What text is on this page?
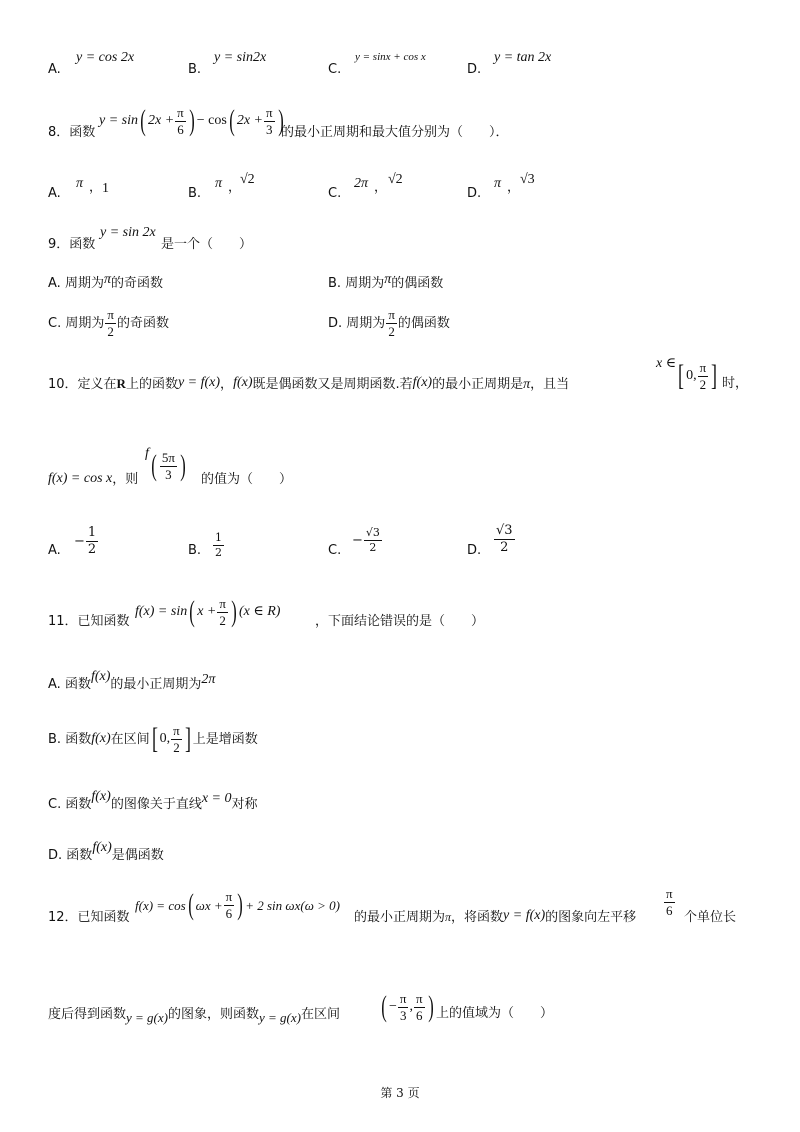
A.
y = cos 2x
B.
y = sin2x
C.
y = sinx + cos x
D.
y = tan 2x
8．函数
y = sin ( $2x + \frac{\pi}{6}$ ) − cos ( $2x + \frac{\pi}{3}$ )
的最小正周期和最大值分别为（　　）．
A.
π ， 1	B.
π ，
√2
C.
2π ，
√2
D.
π ，
√3
9．函数
y = sin 2x
是一个（　　）
A. 周期为π的奇函数	B. 周期为π的偶函数
C.
周期为 $\frac{\pi}{2}$ 的奇函数	D.
周期为 $\frac{\pi}{2}$ 的偶函数
10．定义在 R 上的函数 y = f(x) ， f(x) 既是偶函数又是周期函数.若 f(x) 的最小正周期是 π ，且当
x ∈ [ 0, $\frac{\pi}{2}$ ] 时，
f(x) = cos x ，则
f ( $\frac{5\pi}{3}$ ) 的值为（　　）
A.
− $\frac{1}{2}$	B. $\frac{1}{2}$	C.
− $\frac{√3}{2}$	D. $\frac{√3}{2}$
11．已知函数
f(x) = sin ( $x + \frac{\pi}{2}$ ) (x ∈ R)
，下面结论错误的是（　　）
A.
函数
f(x)
的最小正周期为 2π
B.
函数 f(x) 在区间 [ 0, $\frac{\pi}{2}$ ] 上是增函数
C.
函数
f(x)
的图像关于直线 x = 0 对称
D.
函数
f(x)
是偶函数
12．已知函数
f(x) = cos ( $\omega x + \frac{\pi}{6}$ ) + 2 sin ωx(ω > 0)
的最小正周期为 π ，将函数 y = f(x) 的图象向左平移
$\frac{\pi}{6}$
个单位长
度后得到函数 y = g(x) 的图象，则函数 y = g(x) 在区间 ( − $\frac{\pi}{3}$ , $\frac{\pi}{6}$ ) 上的值域为（　　）
第 3 页
